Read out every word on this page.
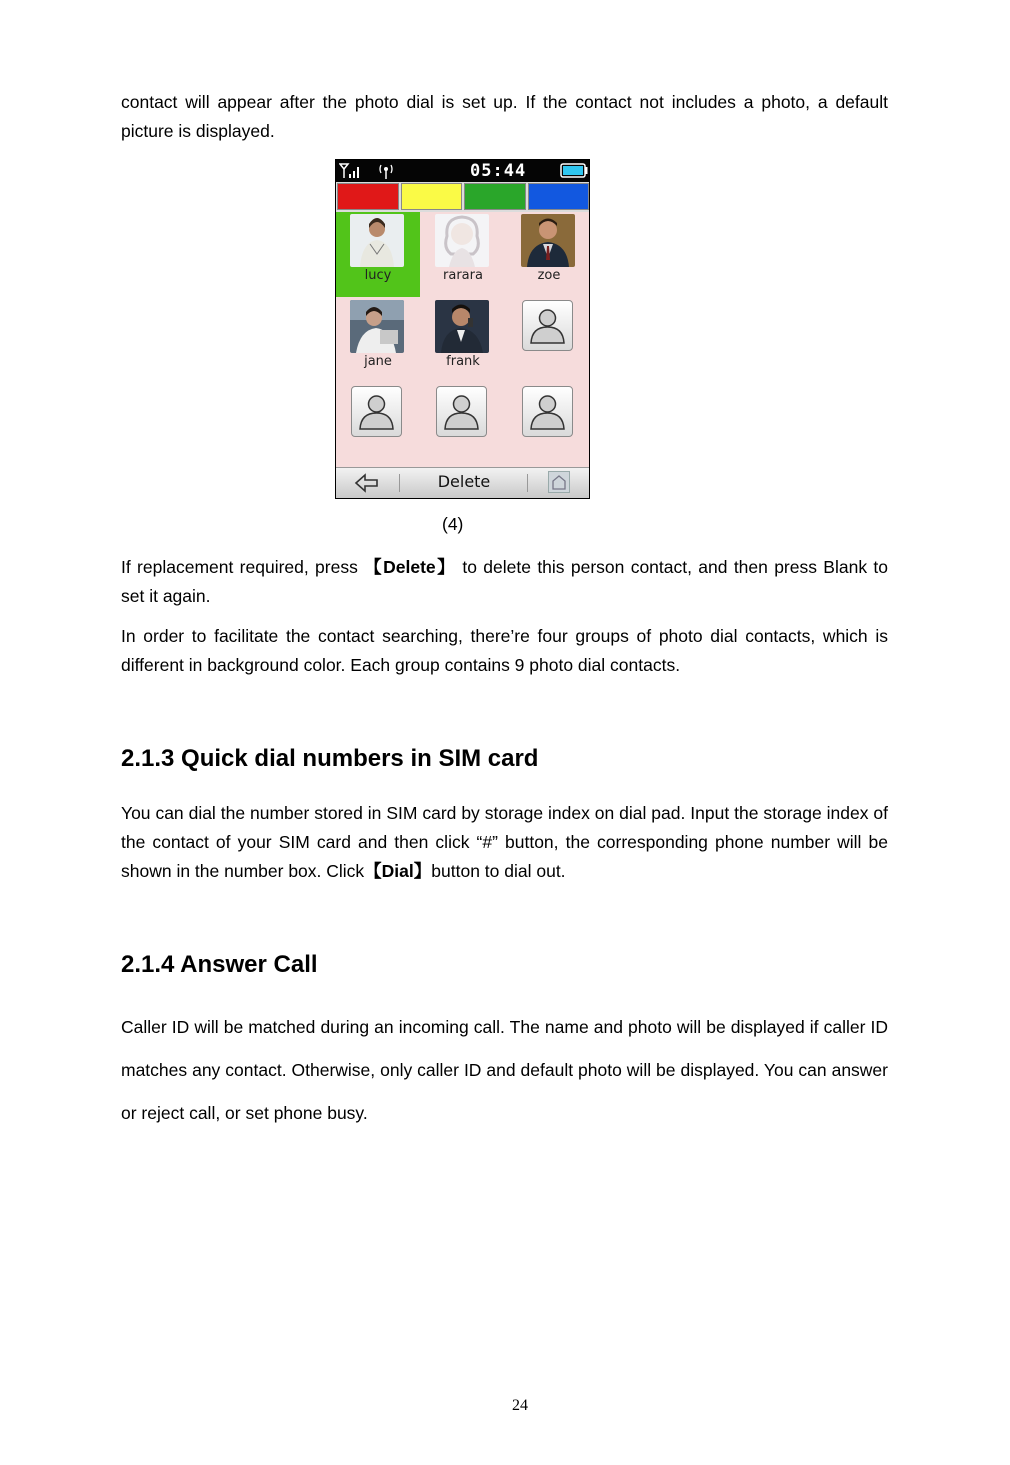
contact will appear after the photo dial is set up. If the contact not includes a photo, a default picture is displayed.

05:44
lucy	rarara	zoe
jane	frank
Delete
(4)

If replacement required, press 【Delete】 to delete this person contact, and then press Blank to set it again.

In order to facilitate the contact searching, there’re four groups of photo dial contacts, which is different in background color. Each group contains 9 photo dial contacts.

2.1.3 Quick dial numbers in SIM card

You can dial the number stored in SIM card by storage index on dial pad. Input the storage index of the contact of your SIM card and then click “#” button, the corresponding phone number will be shown in the number box. Click【Dial】button to dial out.

2.1.4 Answer Call

Caller ID will be matched during an incoming call. The name and photo will be displayed if caller ID matches any contact. Otherwise, only caller ID and default photo will be displayed. You can answer or reject call, or set phone busy.

24
